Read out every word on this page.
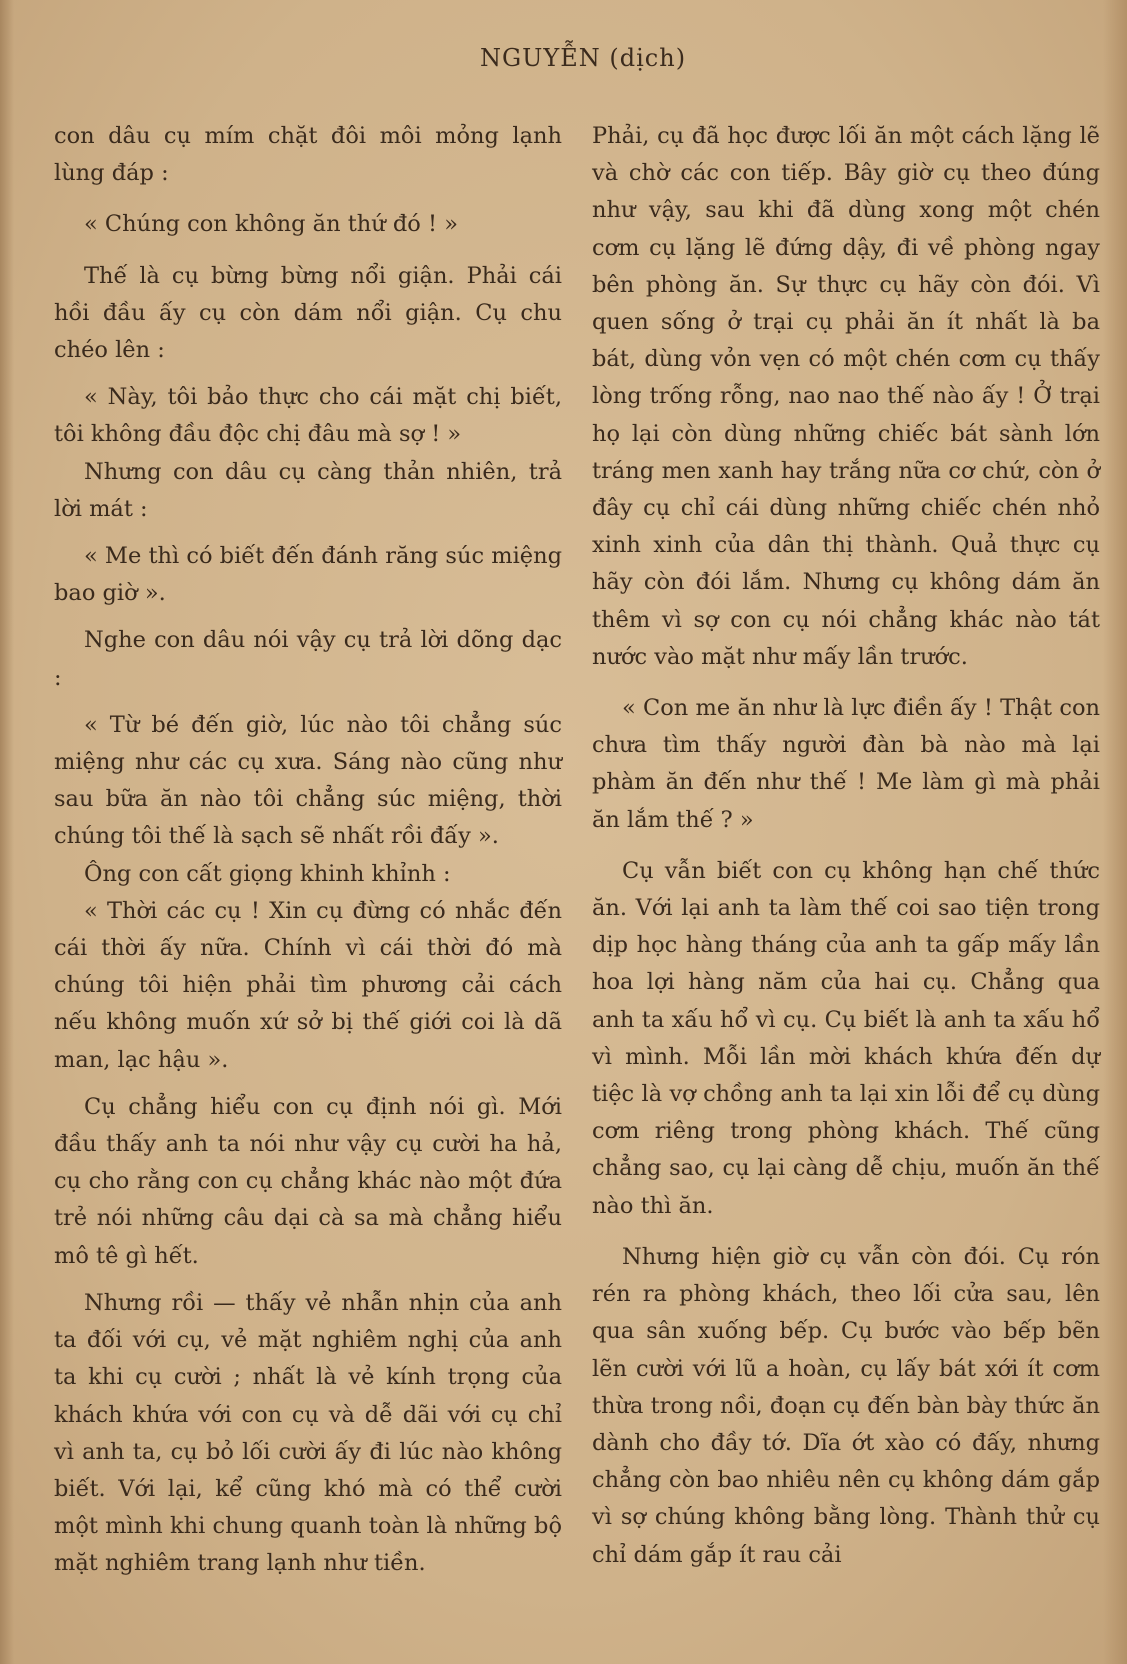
NGUYỄN (dịch)

con dâu cụ mím chặt đôi môi mỏng lạnh lùng đáp :

« Chúng con không ăn thứ đó ! »

Thế là cụ bừng bừng nổi giận. Phải cái hồi đầu ấy cụ còn dám nổi giận. Cụ chu chéo lên :

« Này, tôi bảo thực cho cái mặt chị biết, tôi không đầu độc chị đâu mà sợ ! »

Nhưng con dâu cụ càng thản nhiên, trả lời mát :

« Me thì có biết đến đánh răng súc miệng bao giờ ».

Nghe con dâu nói vậy cụ trả lời dõng dạc :

« Từ bé đến giờ, lúc nào tôi chẳng súc miệng như các cụ xưa. Sáng nào cũng như sau bữa ăn nào tôi chẳng súc miệng, thời chúng tôi thế là sạch sẽ nhất rồi đấy ».

Ông con cất giọng khinh khỉnh :

« Thời các cụ ! Xin cụ đừng có nhắc đến cái thời ấy nữa. Chính vì cái thời đó mà chúng tôi hiện phải tìm phương cải cách nếu không muốn xứ sở bị thế giới coi là dã man, lạc hậu ».

Cụ chẳng hiểu con cụ định nói gì. Mới đầu thấy anh ta nói như vậy cụ cười ha hả, cụ cho rằng con cụ chẳng khác nào một đứa trẻ nói những câu dại cà sa mà chẳng hiểu mô tê gì hết.

Nhưng rồi — thấy vẻ nhẫn nhịn của anh ta đối với cụ, vẻ mặt nghiêm nghị của anh ta khi cụ cười ; nhất là vẻ kính trọng của khách khứa với con cụ và dễ dãi với cụ chỉ vì anh ta, cụ bỏ lối cười ấy đi lúc nào không biết. Với lại, kể cũng khó mà có thể cười một mình khi chung quanh toàn là những bộ mặt nghiêm trang lạnh như tiền.

Phải, cụ đã học được lối ăn một cách lặng lẽ và chờ các con tiếp. Bây giờ cụ theo đúng như vậy, sau khi đã dùng xong một chén cơm cụ lặng lẽ đứng dậy, đi về phòng ngay bên phòng ăn. Sự thực cụ hãy còn đói. Vì quen sống ở trại cụ phải ăn ít nhất là ba bát, dùng vỏn vẹn có một chén cơm cụ thấy lòng trống rỗng, nao nao thế nào ấy ! Ở trại họ lại còn dùng những chiếc bát sành lớn tráng men xanh hay trắng nữa cơ chứ, còn ở đây cụ chỉ cái dùng những chiếc chén nhỏ xinh xinh của dân thị thành. Quả thực cụ hãy còn đói lắm. Nhưng cụ không dám ăn thêm vì sợ con cụ nói chẳng khác nào tát nước vào mặt như mấy lần trước.

« Con me ăn như là lực điền ấy ! Thật con chưa tìm thấy người đàn bà nào mà lại phàm ăn đến như thế ! Me làm gì mà phải ăn lắm thế ? »

Cụ vẫn biết con cụ không hạn chế thức ăn. Với lại anh ta làm thế coi sao tiện trong dịp học hàng tháng của anh ta gấp mấy lần hoa lợi hàng năm của hai cụ. Chẳng qua anh ta xấu hổ vì cụ. Cụ biết là anh ta xấu hổ vì mình. Mỗi lần mời khách khứa đến dự tiệc là vợ chồng anh ta lại xin lỗi để cụ dùng cơm riêng trong phòng khách. Thế cũng chẳng sao, cụ lại càng dễ chịu, muốn ăn thế nào thì ăn.

Nhưng hiện giờ cụ vẫn còn đói. Cụ rón rén ra phòng khách, theo lối cửa sau, lên qua sân xuống bếp. Cụ bước vào bếp bẽn lẽn cười với lũ a hoàn, cụ lấy bát xới ít cơm thừa trong nồi, đoạn cụ đến bàn bày thức ăn dành cho đầy tớ. Dĩa ớt xào có đấy, nhưng chẳng còn bao nhiêu nên cụ không dám gắp vì sợ chúng không bằng lòng. Thành thử cụ chỉ dám gắp ít rau cải
